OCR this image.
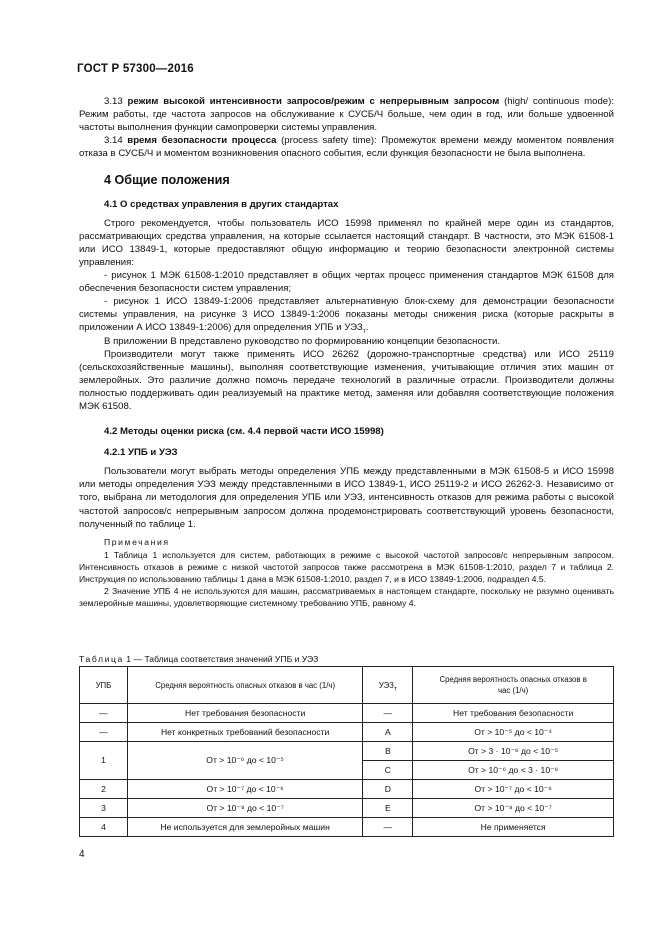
ГОСТ Р 57300—2016

3.13 режим высокой интенсивности запросов/режим с непрерывным запросом (high/ continuous mode): Режим работы, где частота запросов на обслуживание к СУСБ/Ч больше, чем один в год, или больше удвоенной частоты выполнения функции самопроверки системы управления.

3.14 время безопасности процесса (process safety time): Промежуток времени между моментом появления отказа в СУСБ/Ч и моментом возникновения опасного события, если функция безопасности не была выполнена.

4 Общие положения

4.1 О средствах управления в других стандартах

Строго рекомендуется, чтобы пользователь ИСО 15998 применял по крайней мере один из стандартов, рассматривающих средства управления, на которые ссылается настоящий стандарт. В частности, это МЭК 61508-1 или ИСО 13849-1, которые предоставляют общую информацию и теорию безопасности электронной системы управления:

- рисунок 1 МЭК 61508-1:2010 представляет в общих чертах процесс применения стандартов МЭК 61508 для обеспечения безопасности систем управления;

- рисунок 1 ИСО 13849-1:2006 представляет альтернативную блок-схему для демонстрации безопасности системы управления, на рисунке 3 ИСО 13849-1:2006 показаны методы снижения риска (которые раскрыты в приложении А ИСО 13849-1:2006) для определения УПБ и $УЭЗ_т$.

В приложении В представлено руководство по формированию концепции безопасности.

Производители могут также применять ИСО 26262 (дорожно-транспортные средства) или ИСО 25119 (сельскохозяйственные машины), выполняя соответствующие изменения, учитывающие отличия этих машин от землеройных. Это различие должно помочь передаче технологий в различные отрасли. Производители должны полностью поддерживать один реализуемый на практике метод, заменяя или добавляя соответствующие положения МЭК 61508.

4.2 Методы оценки риска (см. 4.4 первой части ИСО 15998)

4.2.1 УПБ и УЭЗ

Пользователи могут выбрать методы определения УПБ между представленными в МЭК 61508-5 и ИСО 15998 или методы определения УЭЗ между представленными в ИСО 13849-1, ИСО 25119-2 и ИСО 26262-3. Независимо от того, выбрана ли методология для определения УПБ или УЭЗ, интенсивность отказов для режима работы с высокой частотой запросов/с непрерывным запросом должна продемонстрировать соответствующий уровень безопасности, полученный по таблице 1.

Примечания

1 Таблица 1 используется для систем, работающих в режиме с высокой частотой запросов/с непрерывным запросом. Интенсивность отказов в режиме с низкой частотой запросов также рассмотрена в МЭК 61508-1:2010, раздел 7 и таблица 2. Инструкция по использованию таблицы 1 дана в МЭК 61508-1:2010, раздел 7, и в ИСО 13849-1:2006, подраздел 4.5.

2 Значение УПБ 4 не используются для машин, рассматриваемых в настоящем стандарте, поскольку не разумно оценивать землеройные машины, удовлетворяющие системному требованию УПБ, равному 4.

Таблица 1 — Таблица соответствия значений УПБ и УЭЗ
УПБ	Средняя вероятность опасных отказов в час (1/ч)	$УЭЗ_т$	Средняя вероятность опасных отказов в час (1/ч)
—	Нет требования безопасности	—	Нет требования безопасности
—	Нет конкретных требований безопасности	A	От > 10⁻⁵ до < 10⁻⁴
1	От > 10⁻⁶ до < 10⁻⁵	B	От > 3 · 10⁻⁶ до < 10⁻⁵
		C	От > 10⁻⁶ до < 3 · 10⁻⁶
2	От > 10⁻⁷ до < 10⁻⁶	D	От > 10⁻⁷ до < 10⁻⁶
3	От > 10⁻⁸ до < 10⁻⁷	E	От > 10⁻⁸ до < 10⁻⁷
4	Не используется для землеройных машин	—	Не применяется
4
